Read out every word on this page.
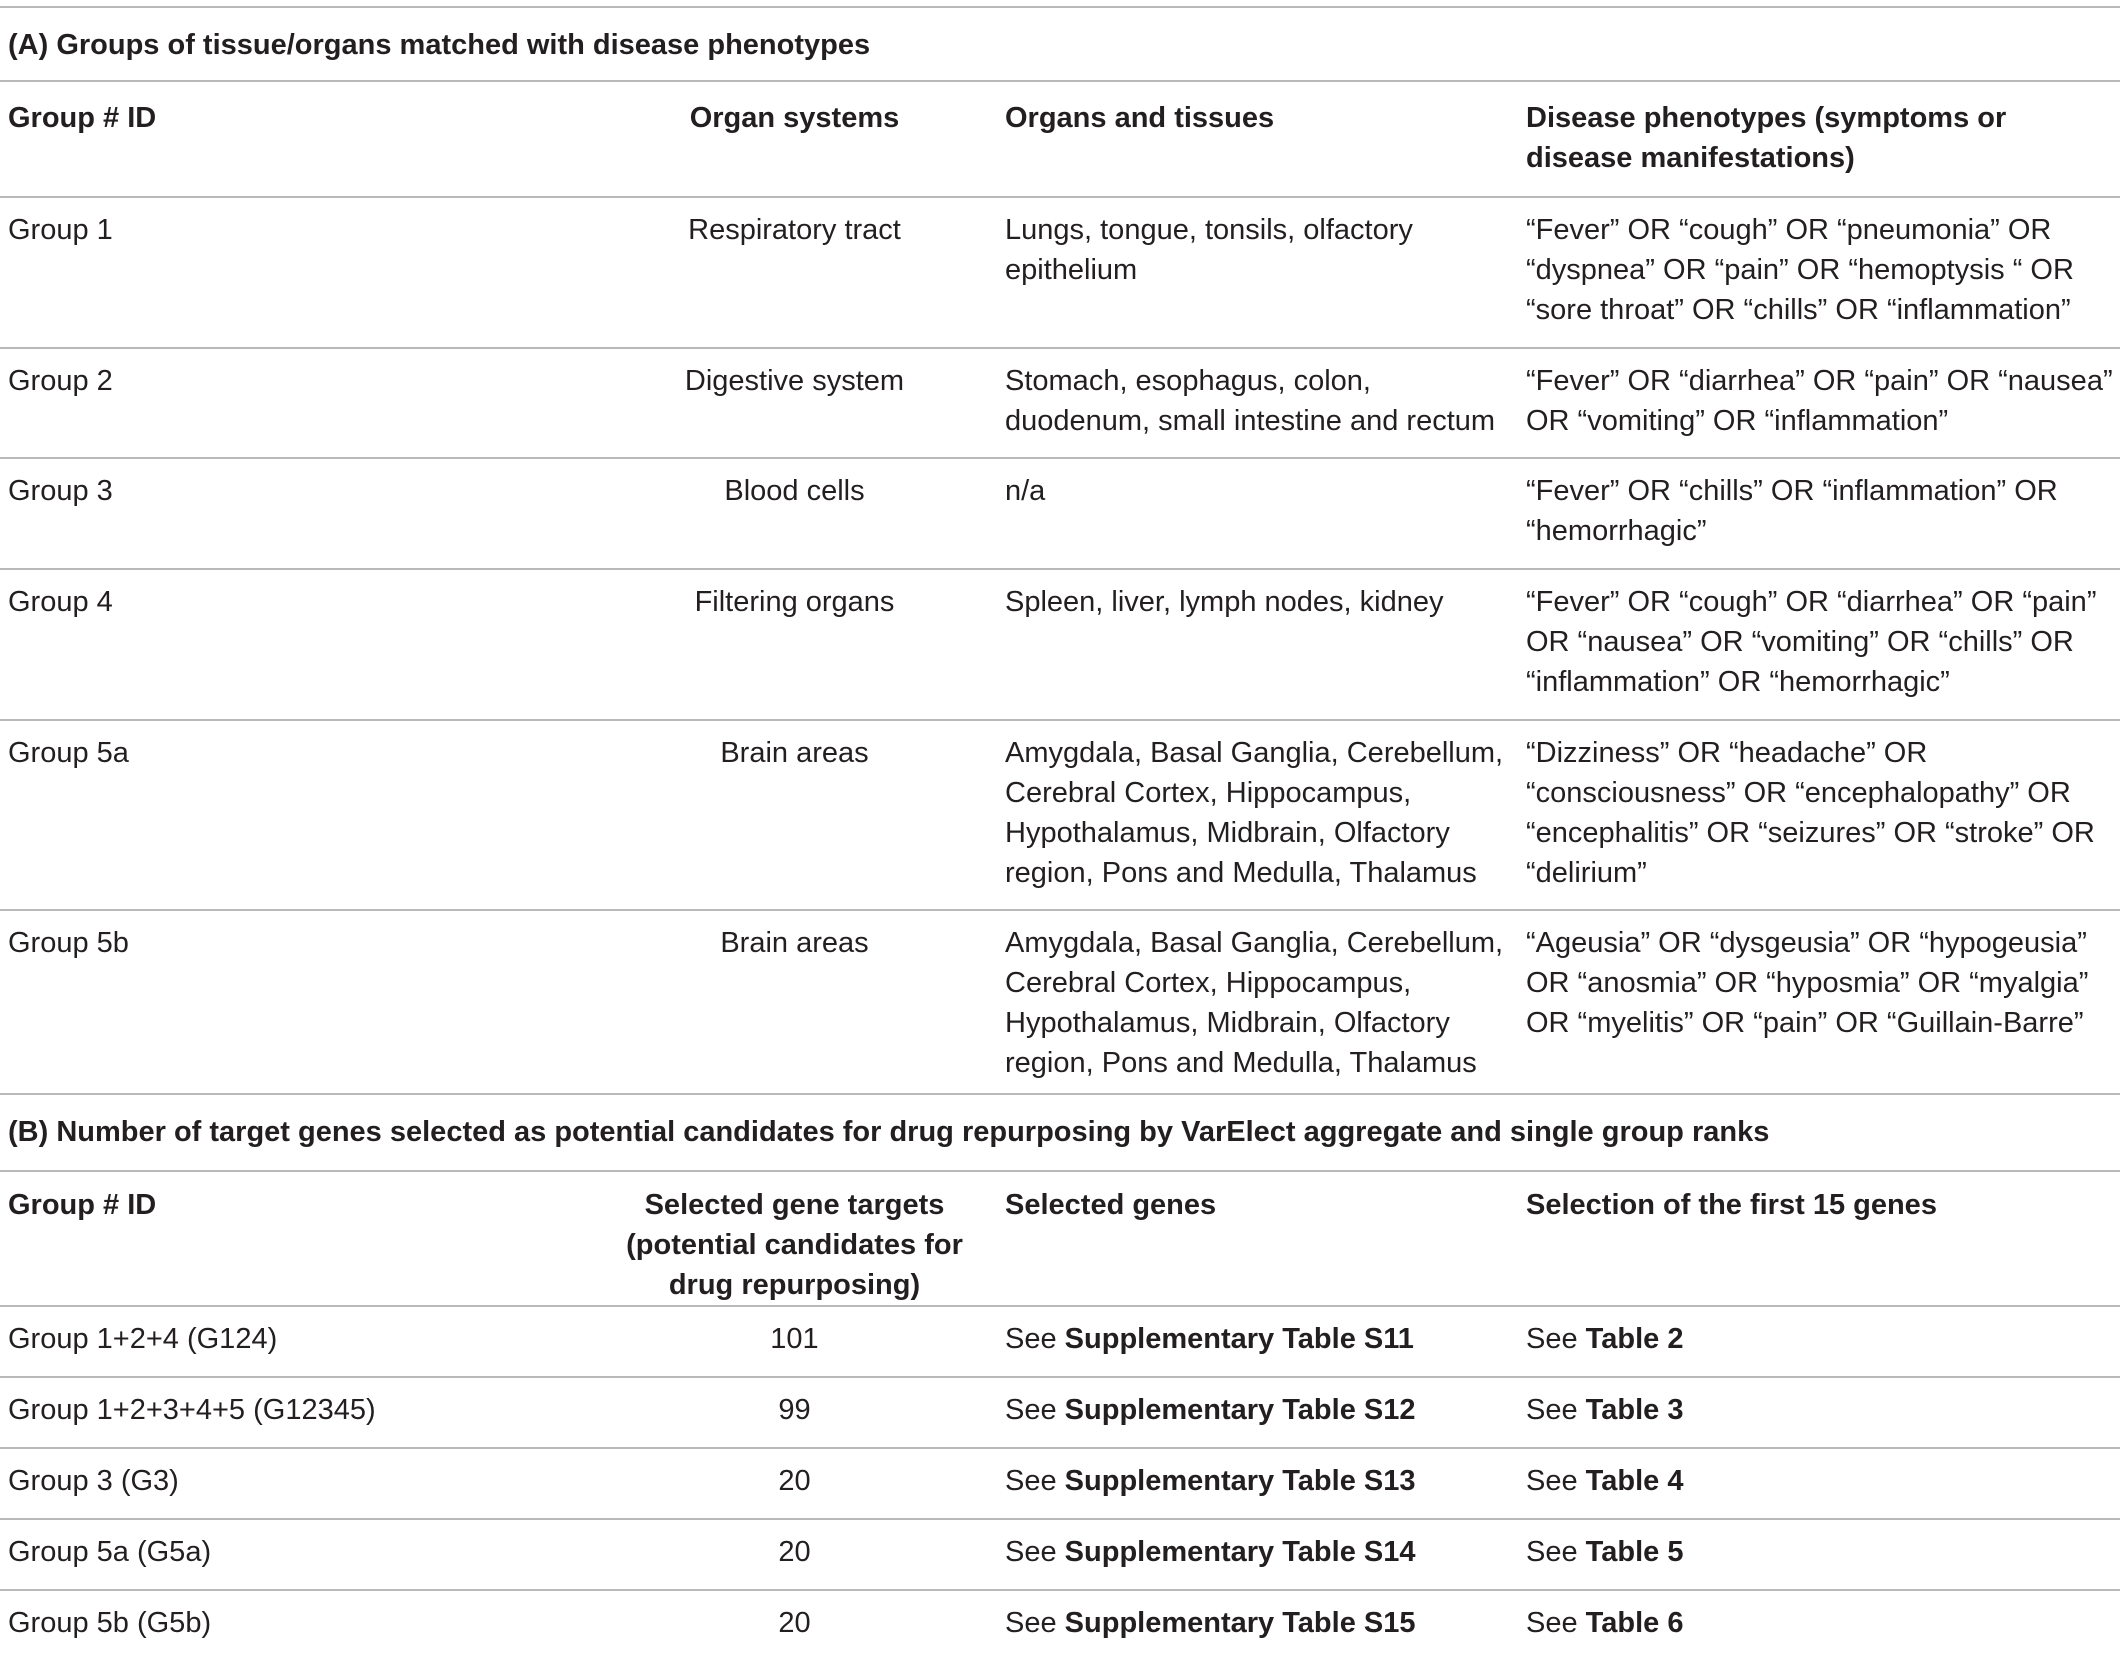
(A) Groups of tissue/organs matched with disease phenotypes			
Group # ID	Organ systems	Organs and tissues	Disease phenotypes (symptoms or disease manifestations)
Group 1	Respiratory tract	Lungs, tongue, tonsils, olfactory epithelium	“Fever” OR “cough” OR “pneumonia” OR “dyspnea” OR “pain” OR “hemoptysis “ OR “sore throat” OR “chills” OR “inflammation”
Group 2	Digestive system	Stomach, esophagus, colon, duodenum, small intestine and rectum	“Fever” OR “diarrhea” OR “pain” OR “nausea” OR “vomiting” OR “inflammation”
Group 3	Blood cells	n/a	“Fever” OR “chills” OR “inflammation” OR “hemorrhagic”
Group 4	Filtering organs	Spleen, liver, lymph nodes, kidney	“Fever” OR “cough” OR “diarrhea” OR “pain” OR “nausea” OR “vomiting” OR “chills” OR “inflammation” OR “hemorrhagic”
Group 5a	Brain areas	Amygdala, Basal Ganglia, Cerebellum, Cerebral Cortex, Hippocampus, Hypothalamus, Midbrain, Olfactory region, Pons and Medulla, Thalamus	“Dizziness” OR “headache” OR “consciousness” OR “encephalopathy” OR “encephalitis” OR “seizures” OR “stroke” OR “delirium”
Group 5b	Brain areas	Amygdala, Basal Ganglia, Cerebellum, Cerebral Cortex, Hippocampus, Hypothalamus, Midbrain, Olfactory region, Pons and Medulla, Thalamus	“Ageusia” OR “dysgeusia” OR “hypogeusia” OR “anosmia” OR “hyposmia” OR “myalgia” OR “myelitis” OR “pain” OR “Guillain-Barre”
(B) Number of target genes selected as potential candidates for drug repurposing by VarElect aggregate and single group ranks			
Group # ID	Selected gene targets (potential candidates for drug repurposing)	Selected genes	Selection of the first 15 genes
Group 1+2+4 (G124)	101	See Supplementary Table S11	See Table 2
Group 1+2+3+4+5 (G12345)	99	See Supplementary Table S12	See Table 3
Group 3 (G3)	20	See Supplementary Table S13	See Table 4
Group 5a (G5a)	20	See Supplementary Table S14	See Table 5
Group 5b (G5b)	20	See Supplementary Table S15	See Table 6
